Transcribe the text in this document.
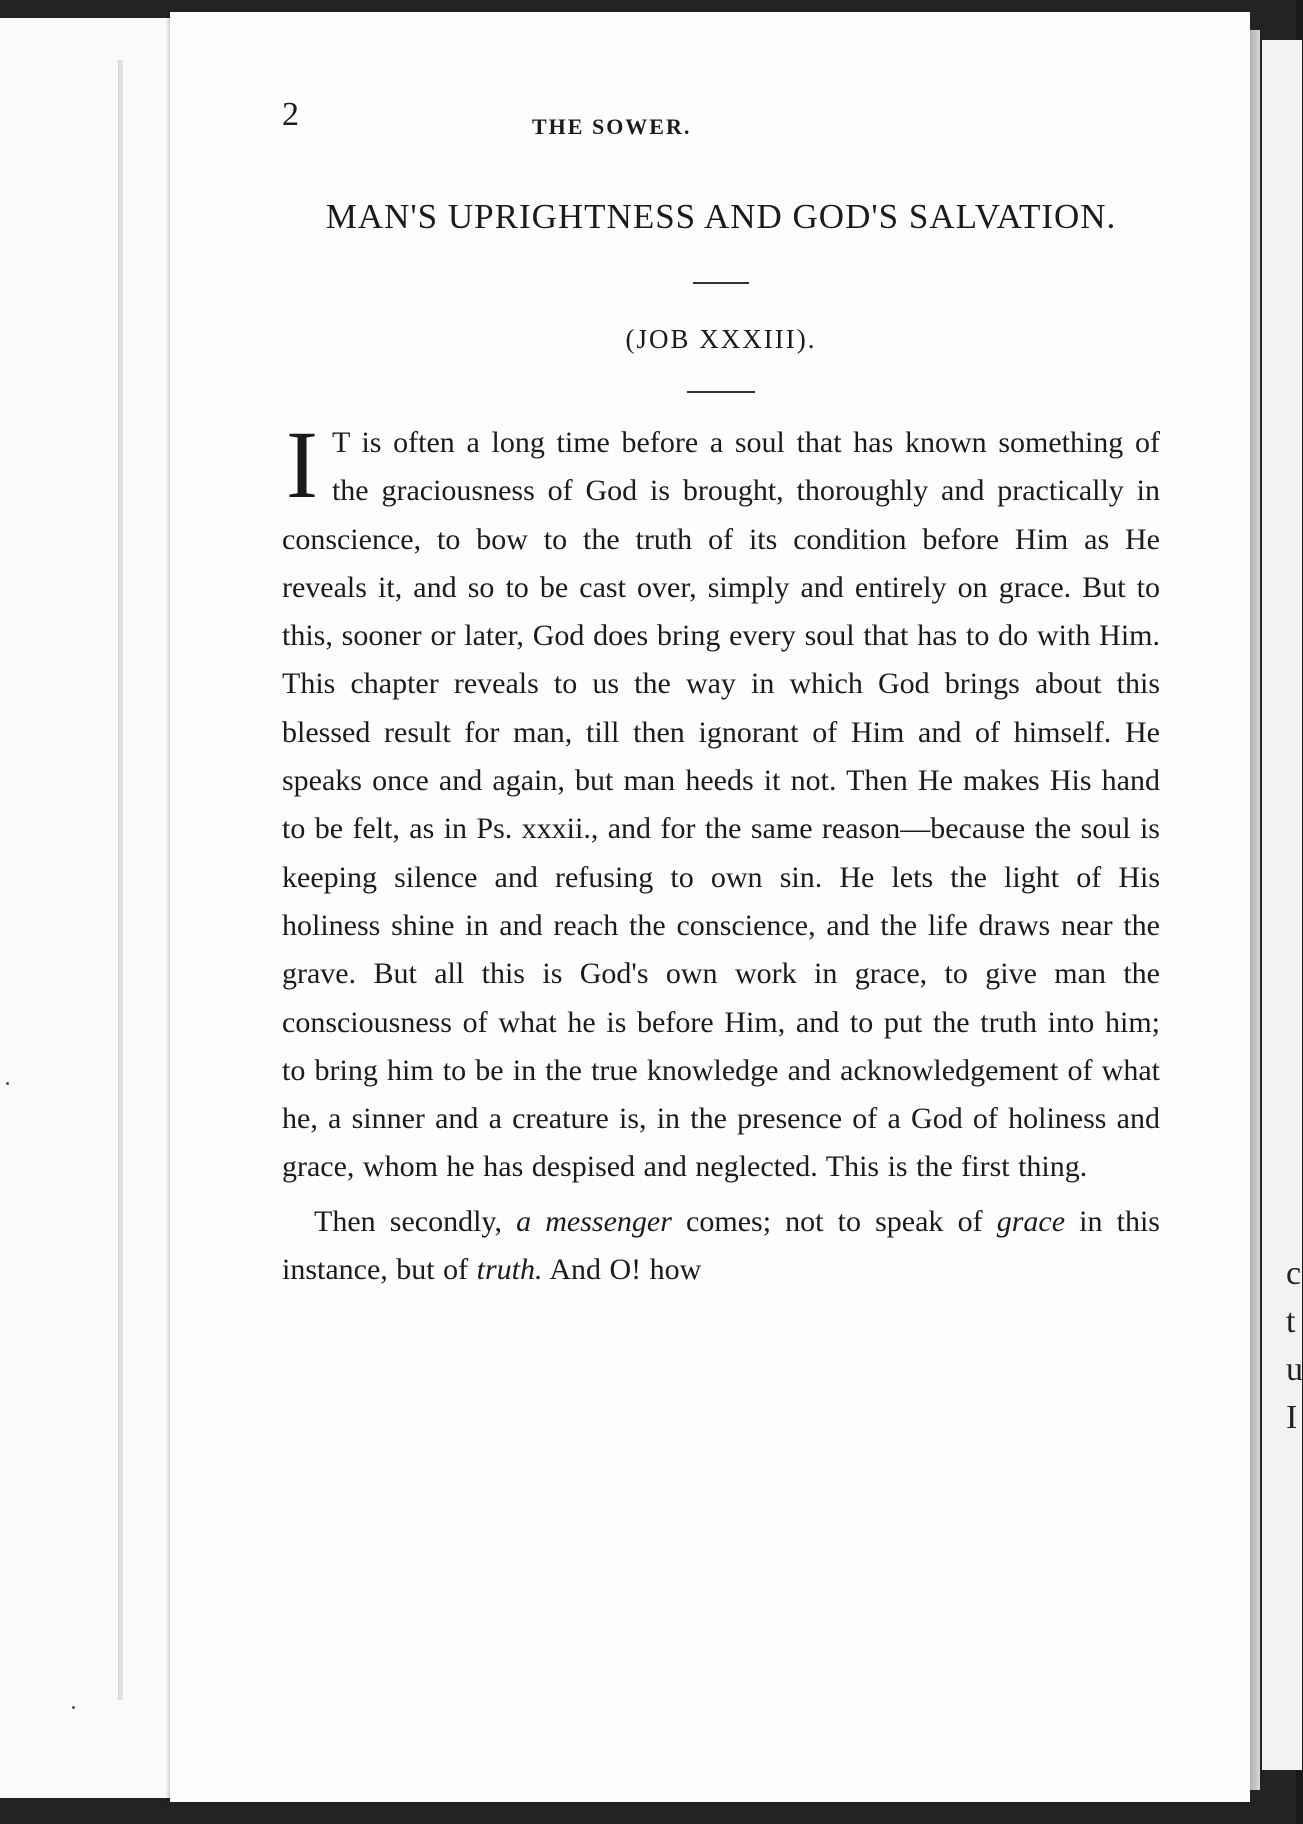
c
t
u
I
2	THE SOWER.
MAN'S UPRIGHTNESS AND GOD'S SALVATION.
(JOB XXXIII).

I T is often a long time before a soul that has known something of the graciousness of God is brought, thoroughly and practically in conscience, to bow to the truth of its condition before Him as He reveals it, and so to be cast over, simply and entirely on grace. But to this, sooner or later, God does bring every soul that has to do with Him. This chapter reveals to us the way in which God brings about this blessed result for man, till then ignorant of Him and of himself. He speaks once and again, but man heeds it not. Then He makes His hand to be felt, as in Ps. xxxii., and for the same reason—because the soul is keeping silence and refusing to own sin. He lets the light of His holiness shine in and reach the conscience, and the life draws near the grave. But all this is God's own work in grace, to give man the consciousness of what he is before Him, and to put the truth into him; to bring him to be in the true knowledge and acknowledgement of what he, a sinner and a creature is, in the presence of a God of holiness and grace, whom he has despised and neglected. This is the first thing.

Then secondly, a messenger comes; not to speak of grace in this instance, but of truth. And O! how
